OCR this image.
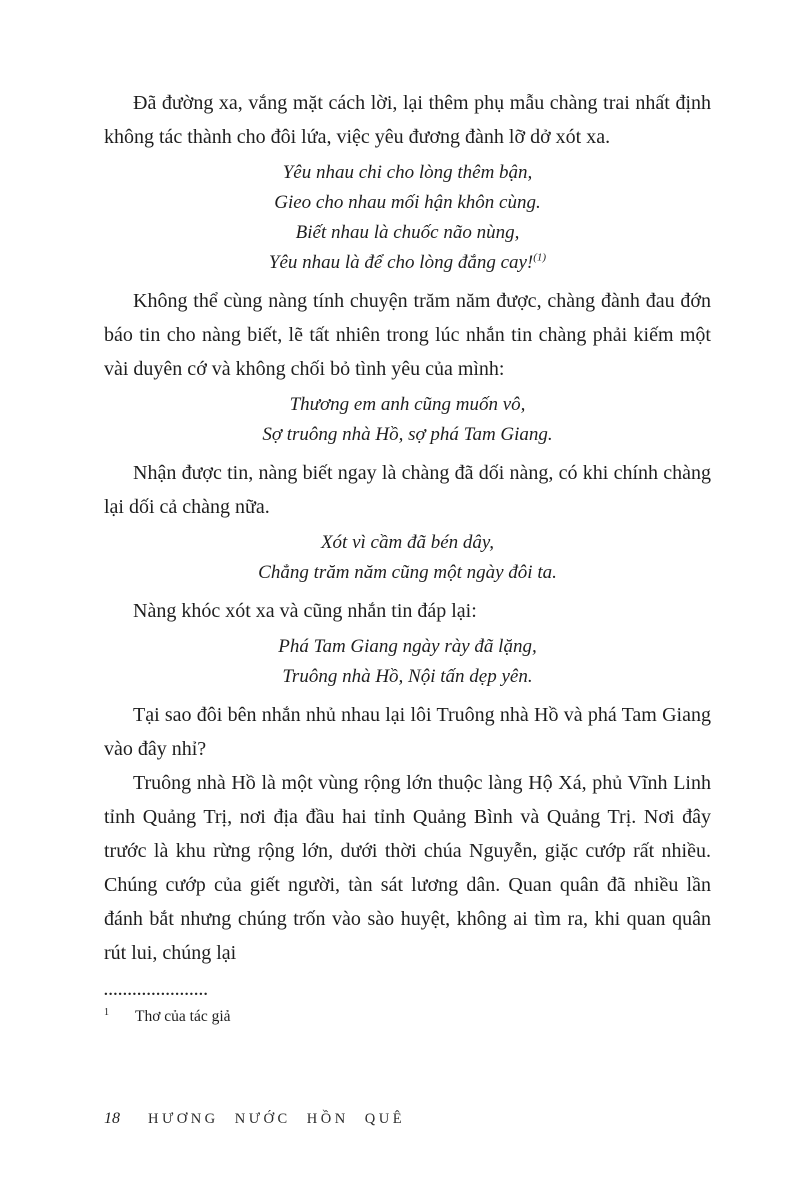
Đã đường xa, vắng mặt cách lời, lại thêm phụ mẫu chàng trai nhất định không tác thành cho đôi lứa, việc yêu đương đành lỡ dở xót xa.

Yêu nhau chi cho lòng thêm bận,
Gieo cho nhau mối hận khôn cùng.
Biết nhau là chuốc não nùng,
Yêu nhau là để cho lòng đắng cay!$^{(1)}$

Không thể cùng nàng tính chuyện trăm năm được, chàng đành đau đớn báo tin cho nàng biết, lẽ tất nhiên trong lúc nhắn tin chàng phải kiếm một vài duyên cớ và không chối bỏ tình yêu của mình:

Thương em anh cũng muốn vô,
Sợ truông nhà Hồ, sợ phá Tam Giang.

Nhận được tin, nàng biết ngay là chàng đã dối nàng, có khi chính chàng lại dối cả chàng nữa.

Xót vì cầm đã bén dây,
Chẳng trăm năm cũng một ngày đôi ta.

Nàng khóc xót xa và cũng nhắn tin đáp lại:

Phá Tam Giang ngày rày đã lặng,
Truông nhà Hồ, Nội tấn dẹp yên.

Tại sao đôi bên nhắn nhủ nhau lại lôi Truông nhà Hồ và phá Tam Giang vào đây nhỉ?

Truông nhà Hồ là một vùng rộng lớn thuộc làng Hộ Xá, phủ Vĩnh Linh tỉnh Quảng Trị, nơi địa đầu hai tỉnh Quảng Bình và Quảng Trị. Nơi đây trước là khu rừng rộng lớn, dưới thời chúa Nguyễn, giặc cướp rất nhiều. Chúng cướp của giết người, tàn sát lương dân. Quan quân đã nhiều lần đánh bắt nhưng chúng trốn vào sào huyệt, không ai tìm ra, khi quan quân rút lui, chúng lại

......................
$^1$ Thơ của tác giả
18 HƯƠNG NƯỚC HỒN QUÊ
